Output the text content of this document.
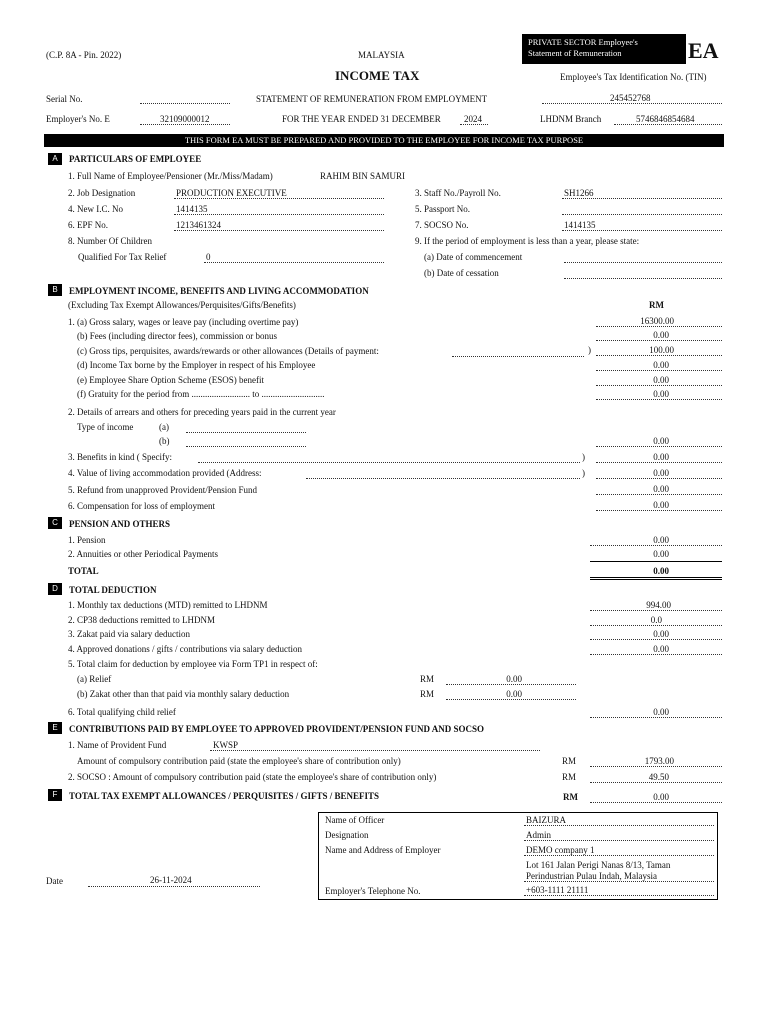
(C.P. 8A - Pin. 2022)	MALAYSIA
PRIVATE SECTOR Employee's
Statement of Remuneration	EA
INCOME TAX	Employee's Tax Identification No. (TIN)
Serial No.	STATEMENT OF REMUNERATION FROM EMPLOYMENT	245452768
Employer's No. E	32109000012	FOR THE YEAR ENDED 31 DECEMBER	2024	LHDNM Branch	5746846854684
THIS FORM EA MUST BE PREPARED AND PROVIDED TO THE EMPLOYEE FOR INCOME TAX PURPOSE
A	PARTICULARS OF EMPLOYEE
1. Full Name of Employee/Pensioner (Mr./Miss/Madam)	RAHIM BIN SAMURI
2. Job Designation	PRODUCTION EXECUTIVE	3. Staff No./Payroll No.	SH1266
4. New I.C. No	1414135	5. Passport No.
6. EPF No.	1213461324	7. SOCSO No.	1414135
8. Number Of Children	9. If the period of employment is less than a year, please state:
Qualified For Tax Relief	0	(a) Date of commencement
(b) Date of cessation
B	EMPLOYMENT INCOME, BENEFITS AND LIVING ACCOMMODATION
(Excluding Tax Exempt Allowances/Perquisites/Gifts/Benefits)	RM
1. (a) Gross salary, wages or leave pay (including overtime pay)	16300.00
(b) Fees (including director fees), commission or bonus	0.00
(c) Gross tips, perquisites, awards/rewards or other allowances (Details of payment:	)	100.00
(d) Income Tax borne by the Employer in respect of his Employee	0.00
(e) Employee Share Option Scheme (ESOS) benefit	0.00
(f) Gratuity for the period from .......................... to ............................	0.00
2. Details of arrears and others for preceding years paid in the current year
Type of income	(a)
(b)	0.00
3. Benefits in kind ( Specify:	)	0.00
4. Value of living accommodation provided (Address:	)	0.00
5. Refund from unapproved Provident/Pension Fund	0.00
6. Compensation for loss of employment	0.00
C	PENSION AND OTHERS
1. Pension	0.00
2. Annuities or other Periodical Payments	0.00
TOTAL	0.00
D	TOTAL DEDUCTION
1. Monthly tax deductions (MTD) remitted to LHDNM	994.00
2. CP38 deductions remitted to LHDNM	0.0
3. Zakat paid via salary deduction	0.00
4. Approved donations / gifts / contributions via salary deduction	0.00
5. Total claim for deduction by employee via Form TP1 in respect of:
(a) Relief	RM	0.00
(b) Zakat other than that paid via monthly salary deduction	RM	0.00
6. Total qualifying child relief	0.00
E	CONTRIBUTIONS PAID BY EMPLOYEE TO APPROVED PROVIDENT/PENSION FUND AND SOCSO
1. Name of Provident Fund	KWSP
Amount of compulsory contribution paid (state the employee's share of contribution only)	RM	1793.00
2. SOCSO : Amount of compulsory contribution paid (state the employee's share of contribution only)	RM	49.50
F	TOTAL TAX EXEMPT ALLOWANCES / PERQUISITES / GIFTS / BENEFITS	RM	0.00
Name of Officer	BAIZURA
Designation	Admin
Name and Address of Employer	DEMO company 1
Lot 161 Jalan Perigi Nanas 8/13, Taman
Perindustrian Pulau Indah, Malaysia
Employer's Telephone No.	+603-1111 21111
Date	26-11-2024
